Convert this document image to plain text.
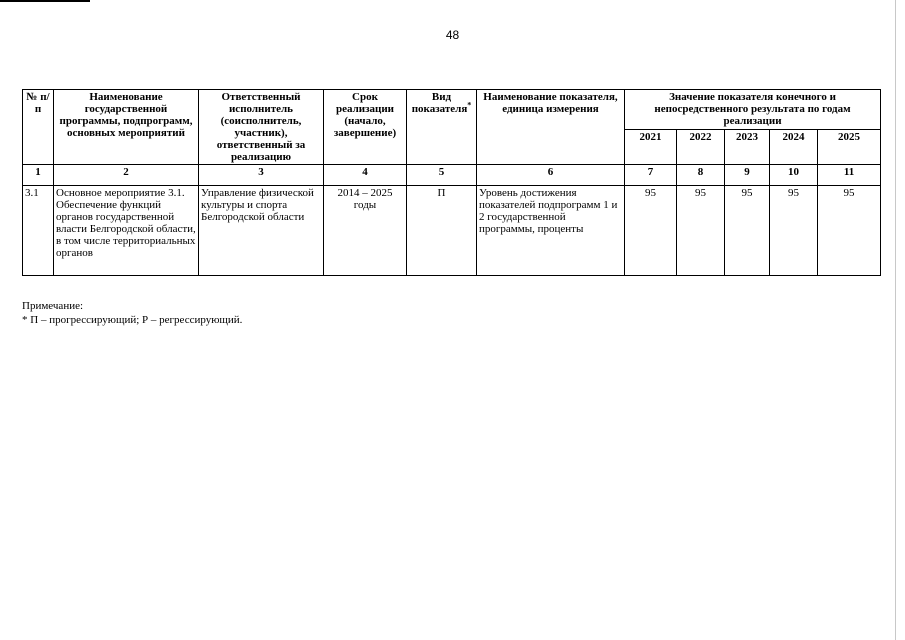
48
№ п/п	Наименование государственной программы, подпрограмм, основных мероприятий	Ответственный исполнитель (соисполнитель, участник), ответственный за реализацию	Срок реализации (начало, завершение)	Вид показателя*	Наименование показателя, единица измерения	Значение показателя конечного и непосредственного результата по годам реализации				
						2021	2022	2023	2024	2025
1	2	3	4	5	6	7	8	9	10	11
3.1	Основное мероприятие 3.1. Обеспечение функций органов государственной власти Белгородской области, в том числе территориальных органов	Управление физической культуры и спорта Белгородской области	2014 – 2025 годы	П	Уровень достижения показателей подпрограмм 1 и 2 государственной программы, проценты	95	95	95	95	95
Примечание:
* П – прогрессирующий; Р – регрессирующий.
